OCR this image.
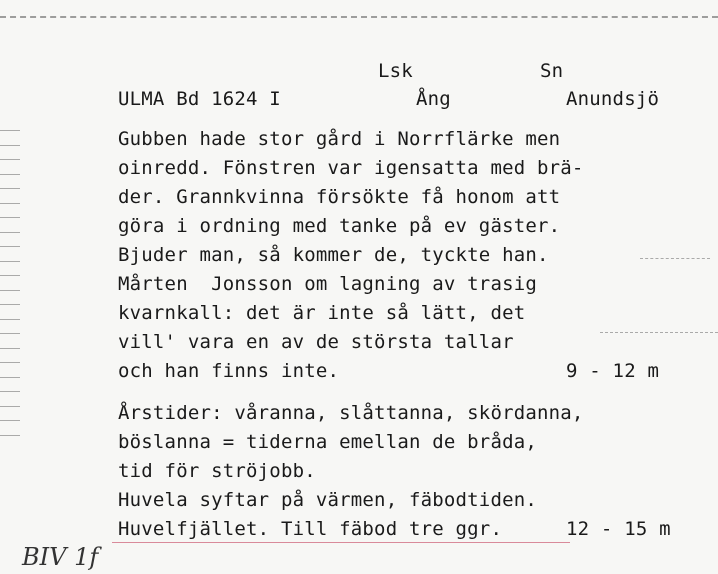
Lsk	Sn
ULMA Bd 1624 I	Ång	Anundsjö
Gubben hade stor gård i Norrflärke men
oinredd. Fönstren var igensatta med brä-
der. Grannkvinna försökte få honom att
göra i ordning med tanke på ev gäster.
Bjuder man, så kommer de, tyckte han.
Mårten  Jonsson om lagning av trasig
kvarnkall: det är inte så lätt, det
vill' vara en av de största tallar
och han finns inte.	9 - 12 m
Årstider: våranna, slåttanna, skördanna,
böslanna = tiderna emellan de bråda,
tid för ströjobb.
Huvela syftar på värmen, fäbodtiden.
Huvelfjället. Till fäbod tre ggr.	12 - 15 m
BIV 1f
